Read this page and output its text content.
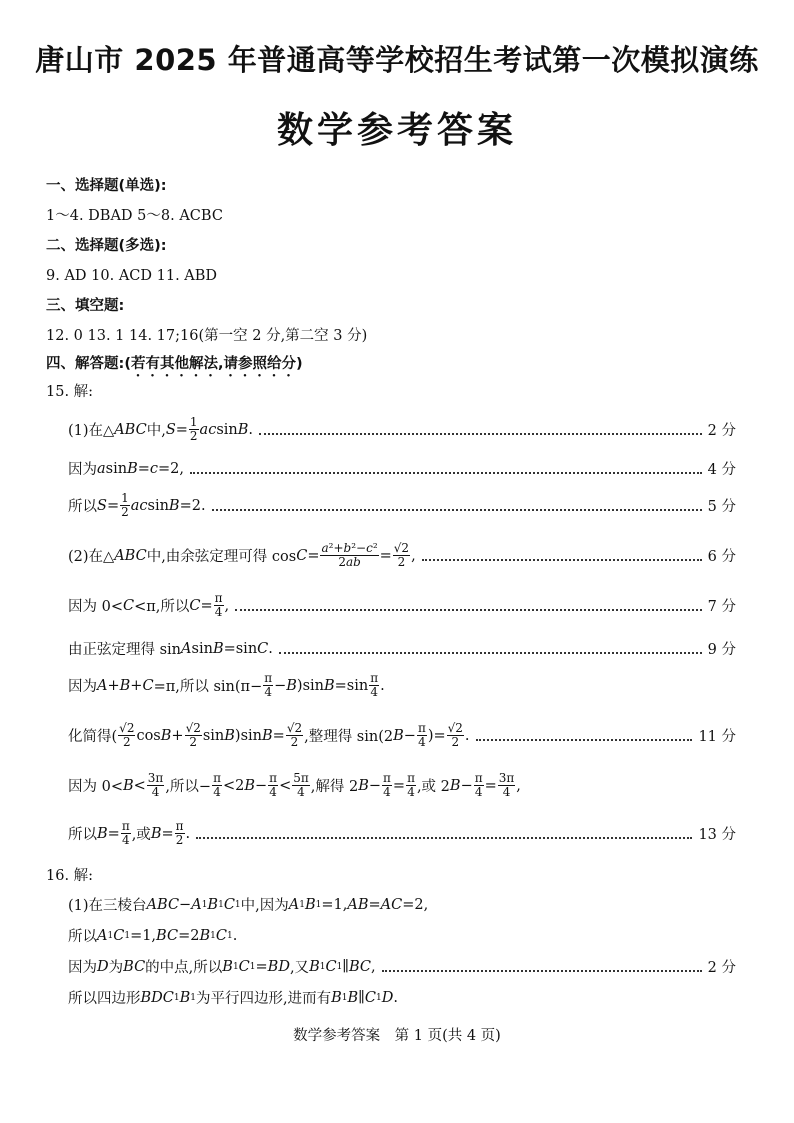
唐山市 2025 年普通高等学校招生考试第一次模拟演练
数学参考答案
一、选择题(单选):
1～4. DBAD 5～8. ACBC
二、选择题(多选):
9. AD 10. ACD 11. ABD
三、填空题:
12. 0 13. 1 14. 17;16(第一空 2 分,第二空 3 分)
四、解答题:(若有其他解法,请参照给分)
15. 解:
(1)在△ ABC 中, $S = \frac{1}{2}$ ac sin B .	2 分
因为 a sin B = c =2,	4 分
所以 $S = \frac{1}{2}$ ac sin B =2.	5 分
(2)在△ ABC 中,由余弦定理可得 $\cos C = \frac{\text{a²+b²−c²}}{2ab} = \frac{√2}{2}$ ,	6 分
因为 0< C <π,所以 $C = \frac{\pi}{4}$ ,	7 分
由正弦定理得 sin A sin B =sin C .	9 分
因为 A + B + C =π,所以 $\sin(\pi- \frac{\pi}{4} - B$ )sin $B =\sin \frac{\pi}{4}$ .
化简得( $\frac{√2}{2}$ $\cos B + \frac{√2}{2}$ sin B )sin $B = \frac{√2}{2}$ ,整理得 sin(2 $B - \frac{\pi}{4}$ )= $\frac{√2}{2}$ .	11 分
因为 $0< B < \frac{3\pi}{4}$ ,所以− $\frac{\pi}{4} <2$ $B - \frac{\pi}{4} < \frac{5\pi}{4}$ ,解得 2 $B - \frac{\pi}{4} = \frac{\pi}{4}$ ,或 2 $B - \frac{\pi}{4} = \frac{3\pi}{4}$ ,
所以 $B = \frac{\pi}{4}$ ,或 $B = \frac{\pi}{2}$ .	13 分
16. 解:
(1)在三棱台 ABC − A 1 B 1 C 1 中,因为 A 1 B 1 =1, AB = AC =2,
所以 A 1 C 1 =1, BC =2 B 1 C 1 .
因为 D 为 BC 的中点,所以 B 1 C 1 = BD ,又 B 1 C 1 ∥ BC ,	2 分
所以四边形 BDC 1 B 1 为平行四边形,进而有 B 1 B ∥ C 1 D .
数学参考答案　第 1 页(共 4 页)
